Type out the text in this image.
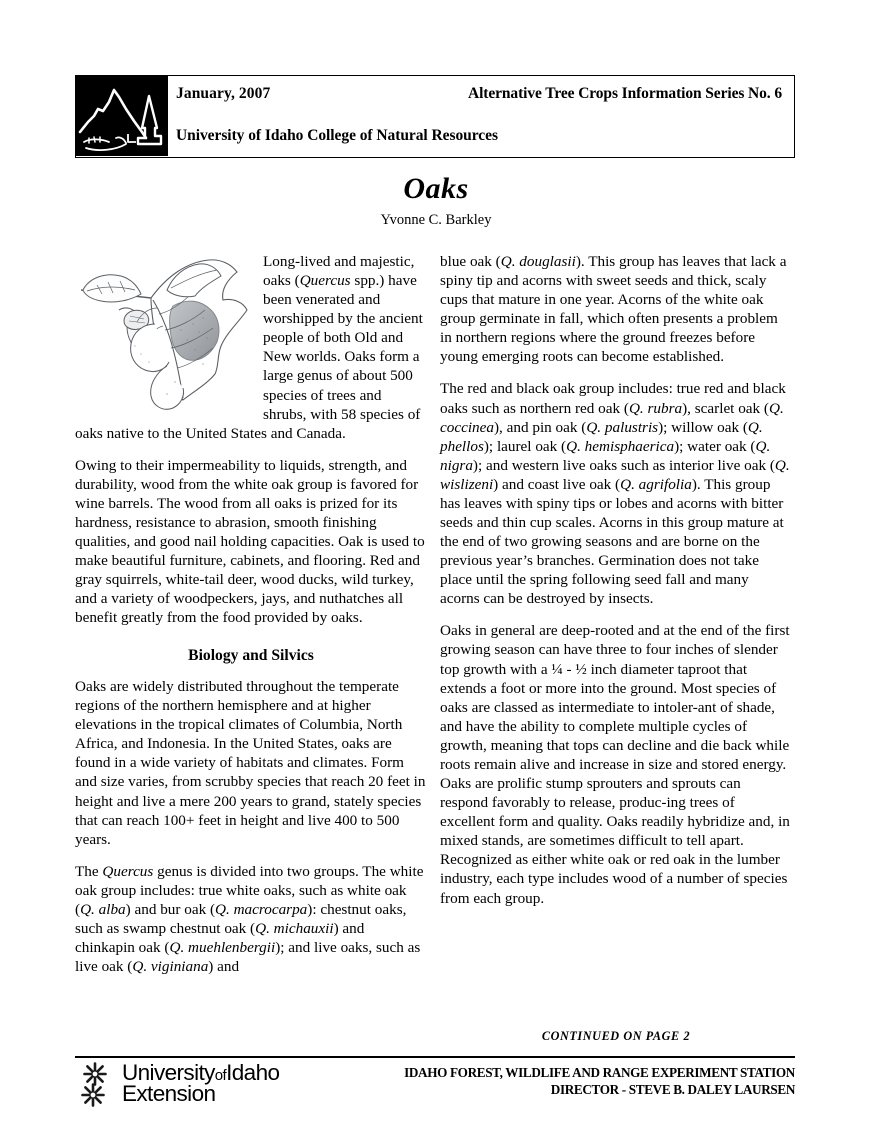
January, 2007	Alternative Tree Crops Information Series No. 6
University of Idaho College of Natural Resources
Oaks
Yvonne C. Barkley

Long-lived and majestic, oaks (Quercus spp.) have been venerated and worshipped by the ancient people of both Old and New worlds. Oaks form a large genus of about 500 species of trees and shrubs, with 58 species of oaks native to the United States and Canada.

Owing to their impermeability to liquids, strength, and durability, wood from the white oak group is favored for wine barrels. The wood from all oaks is prized for its hardness, resistance to abrasion, smooth finishing qualities, and good nail holding capacities. Oak is used to make beautiful furniture, cabinets, and flooring. Red and gray squirrels, white-tail deer, wood ducks, wild turkey, and a variety of woodpeckers, jays, and nuthatches all benefit greatly from the food provided by oaks.

Biology and Silvics

Oaks are widely distributed throughout the temperate regions of the northern hemisphere and at higher elevations in the tropical climates of Columbia, North Africa, and Indonesia. In the United States, oaks are found in a wide variety of habitats and climates. Form and size varies, from scrubby species that reach 20 feet in height and live a mere 200 years to grand, stately species that can reach 100+ feet in height and live 400 to 500 years.

The Quercus genus is divided into two groups. The white oak group includes: true white oaks, such as white oak (Q. alba) and bur oak (Q. macrocarpa): chestnut oaks, such as swamp chestnut oak (Q. michauxii) and chinkapin oak (Q. muehlenbergii); and live oaks, such as live oak (Q. viginiana) and

blue oak (Q. douglasii). This group has leaves that lack a spiny tip and acorns with sweet seeds and thick, scaly cups that mature in one year. Acorns of the white oak group germinate in fall, which often presents a problem in northern regions where the ground freezes before young emerging roots can become established.

The red and black oak group includes: true red and black oaks such as northern red oak (Q. rubra), scarlet oak (Q. coccinea), and pin oak (Q. palustris); willow oak (Q. phellos); laurel oak (Q. hemisphaerica); water oak (Q. nigra); and western live oaks such as interior live oak (Q. wislizeni) and coast live oak (Q. agrifolia). This group has leaves with spiny tips or lobes and acorns with bitter seeds and thin cup scales. Acorns in this group mature at the end of two growing seasons and are borne on the previous year’s branches. Germination does not take place until the spring following seed fall and many acorns can be destroyed by insects.

Oaks in general are deep-rooted and at the end of the first growing season can have three to four inches of slender top growth with a ¼ - ½ inch diameter taproot that extends a foot or more into the ground. Most species of oaks are classed as intermediate to intoler-ant of shade, and have the ability to complete multiple cycles of growth, meaning that tops can decline and die back while roots remain alive and increase in size and stored energy. Oaks are prolific stump sprouters and sprouts can respond favorably to release, produc-ing trees of excellent form and quality. Oaks readily hybridize and, in mixed stands, are sometimes difficult to tell apart. Recognized as either white oak or red oak in the lumber industry, each type includes wood of a number of species from each group.

CONTINUED ON PAGE 2
UniversityofIdaho
Extension
IDAHO FOREST, WILDLIFE AND RANGE EXPERIMENT STATION
DIRECTOR - STEVE B. DALEY LAURSEN
